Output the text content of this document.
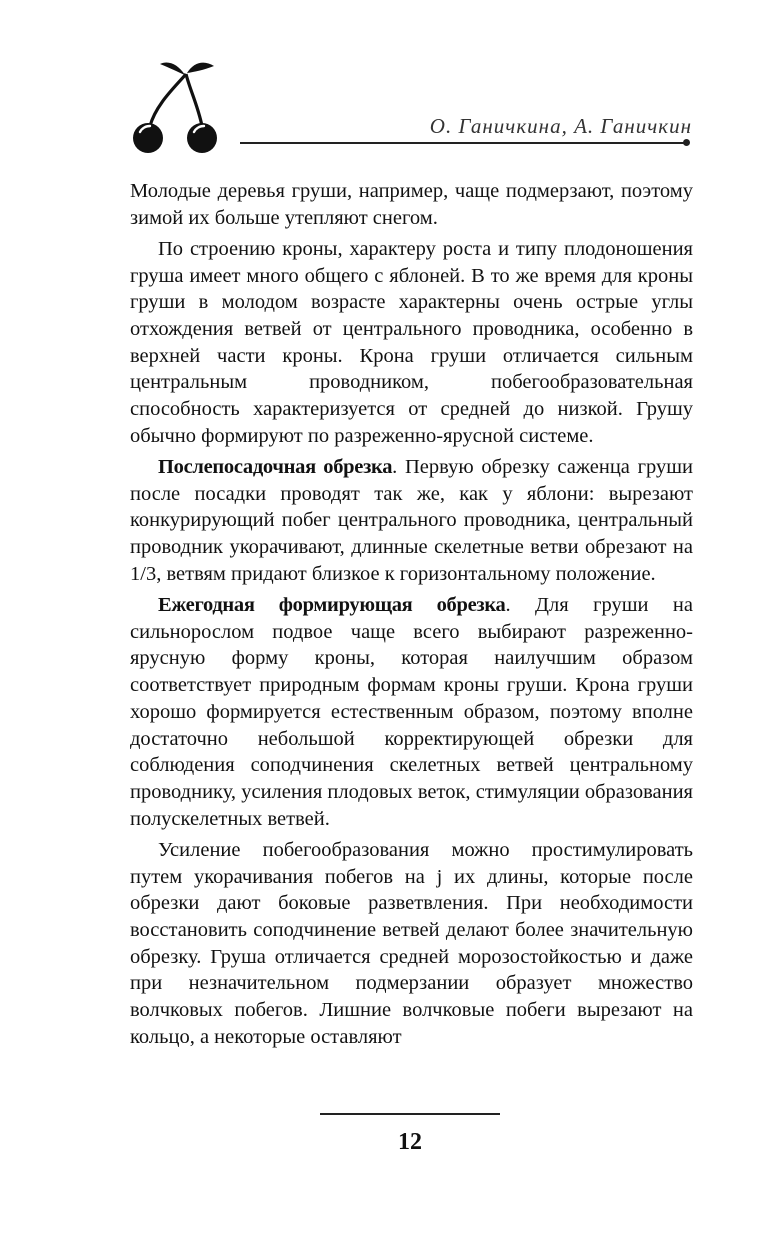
О. Ганичкина, А. Ганичкин

Молодые деревья груши, например, чаще подмерзают, поэтому зимой их больше утепляют снегом.

По строению кроны, характеру роста и типу плодоношения груша имеет много общего с яблоней. В то же время для кроны груши в молодом возрасте характерны очень острые углы отхождения ветвей от центрального проводника, особенно в верхней части кроны. Крона груши отличается сильным центральным проводником, побегообразовательная способность характеризуется от средней до низкой. Грушу обычно формируют по разреженно-ярусной системе.

Послепосадочная обрезка. Первую обрезку саженца груши после посадки проводят так же, как у яблони: вырезают конкурирующий побег центрального проводника, центральный проводник укорачивают, длинные скелетные ветви обрезают на 1/3, ветвям придают близкое к горизонтальному положение.

Ежегодная формирующая обрезка. Для груши на сильнорослом подвое чаще всего выбирают разреженно-ярусную форму кроны, которая наилучшим образом соответствует природным формам кроны груши. Крона груши хорошо формируется естественным образом, поэтому вполне достаточно небольшой корректирующей обрезки для соблюдения соподчинения скелетных ветвей центральному проводнику, усиления плодовых веток, стимуляции образования полускелетных ветвей.

Усиление побегообразования можно простимулировать путем укорачивания побегов на j их длины, которые после обрезки дают боковые разветвления. При необходимости восстановить соподчинение ветвей делают более значительную обрезку. Груша отличается средней морозостойкостью и даже при незначительном подмерзании образует множество волчковых побегов. Лишние волчковые побеги вырезают на кольцо, а некоторые оставляют

12
